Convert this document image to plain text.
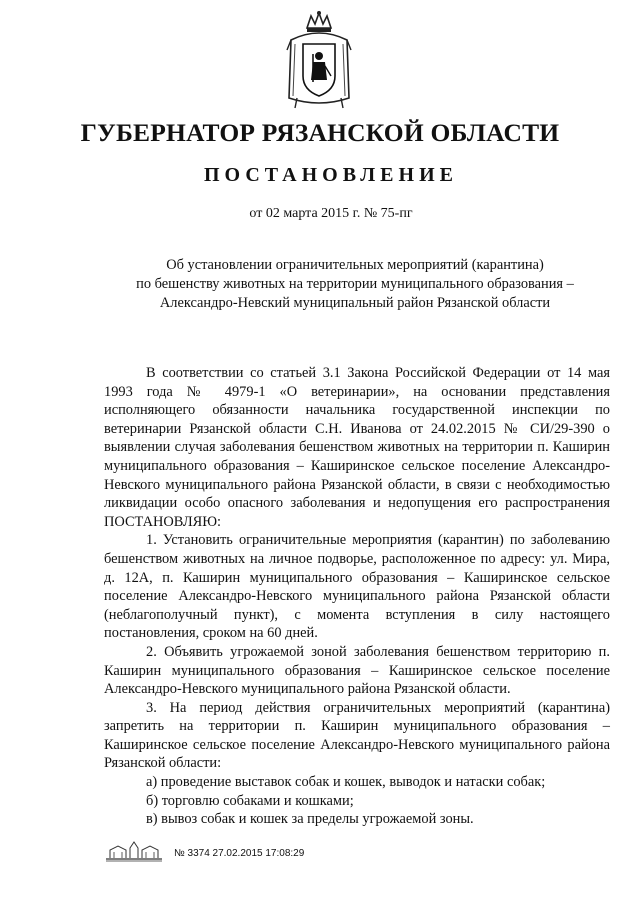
ГУБЕРНАТОР РЯЗАНСКОЙ ОБЛАСТИ
ПОСТАНОВЛЕНИЕ
от 02 марта 2015 г. № 75-пг
Об установлении ограничительных мероприятий (карантина)
по бешенству животных на территории муниципального образования –
Александро-Невский муниципальный район Рязанской области

В соответствии со статьей 3.1 Закона Российской Федерации от 14 мая 1993 года № 4979-1 «О ветеринарии», на основании представления исполняющего обязанности начальника государственной инспекции по ветеринарии Рязанской области С.Н. Иванова от 24.02.2015 № СИ/29-390 о выявлении случая заболевания бешенством животных на территории п. Каширин муниципального образования – Каширинское сельское поселение Александро-Невского муниципального района Рязанской области, в связи с необходимостью ликвидации особо опасного заболевания и недопущения его распространения ПОСТАНОВЛЯЮ:

1. Установить ограничительные мероприятия (карантин) по заболеванию бешенством животных на личное подворье, расположенное по адресу: ул. Мира, д. 12А, п. Каширин муниципального образования – Каширинское сельское поселение Александро-Невского муниципального района Рязанской области (неблагополучный пункт), с момента вступления в силу настоящего постановления, сроком на 60 дней.

2. Объявить угрожаемой зоной заболевания бешенством территорию п. Каширин муниципального образования – Каширинское сельское поселение Александро-Невского муниципального района Рязанской области.

3. На период действия ограничительных мероприятий (карантина) запретить на территории п. Каширин муниципального образования – Каширинское сельское поселение Александро-Невского муниципального района Рязанской области:

а) проведение выставок собак и кошек, выводок и натаски собак;

б) торговлю собаками и кошками;

в) вывоз собак и кошек за пределы угрожаемой зоны.

№ 3374 27.02.2015 17:08:29
